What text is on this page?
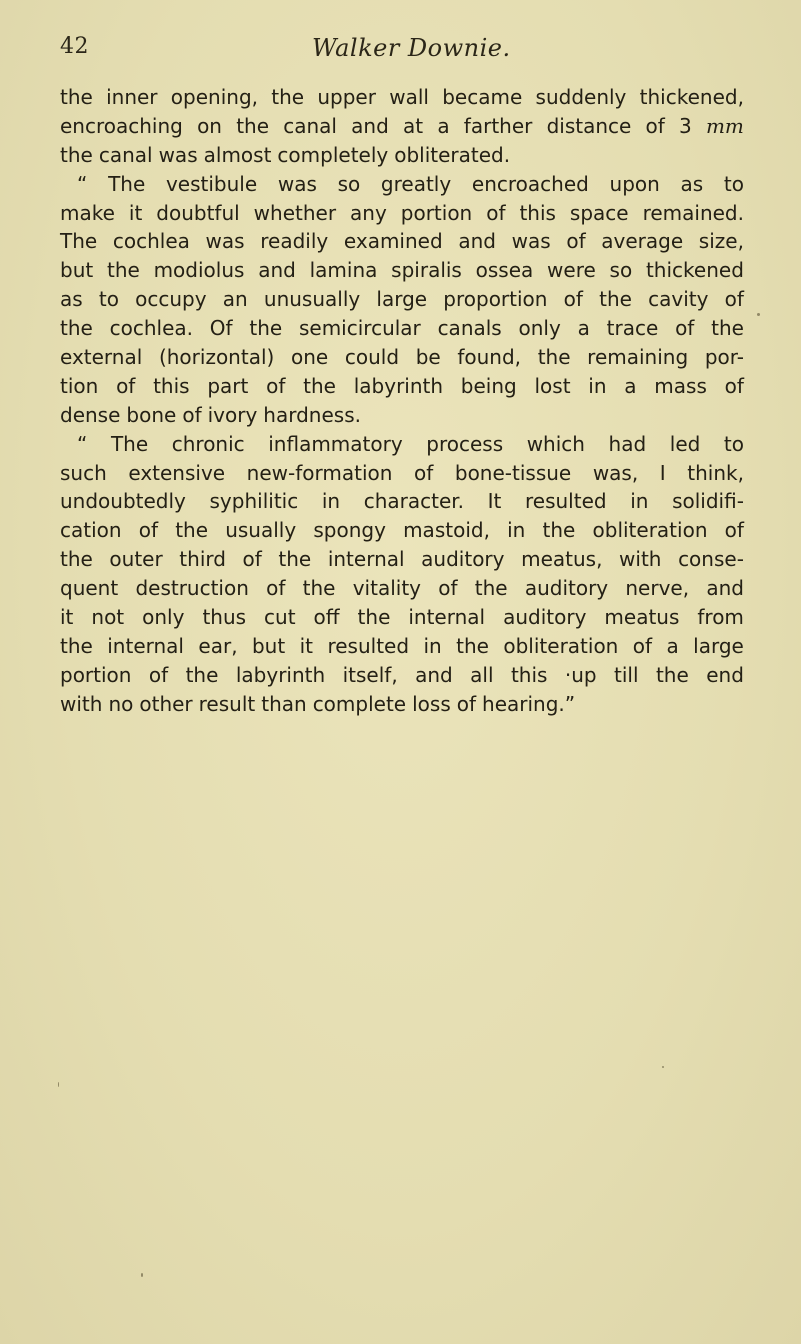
42	Walker Downie.
the inner opening, the upper wall became suddenly thickened,
encroaching on the canal and at a farther distance of 3 mm
the canal was almost completely obliterated.
“ The vestibule was so greatly encroached upon as to
make it doubtful whether any portion of this space remained.
The cochlea was readily examined and was of average size,
but the modiolus and lamina spiralis ossea were so thickened
as to occupy an unusually large proportion of the cavity of
the cochlea. Of the semicircular canals only a trace of the
external (horizontal) one could be found, the remaining por-
tion of this part of the labyrinth being lost in a mass of
dense bone of ivory hardness.
“ The chronic inflammatory process which had led to
such extensive new-formation of bone-tissue was, I think,
undoubtedly syphilitic in character. It resulted in solidifi-
cation of the usually spongy mastoid, in the obliteration of
the outer third of the internal auditory meatus, with conse-
quent destruction of the vitality of the auditory nerve, and
it not only thus cut off the internal auditory meatus from
the internal ear, but it resulted in the obliteration of a large
portion of the labyrinth itself, and all this ·up till the end
with no other result than complete loss of hearing.”
